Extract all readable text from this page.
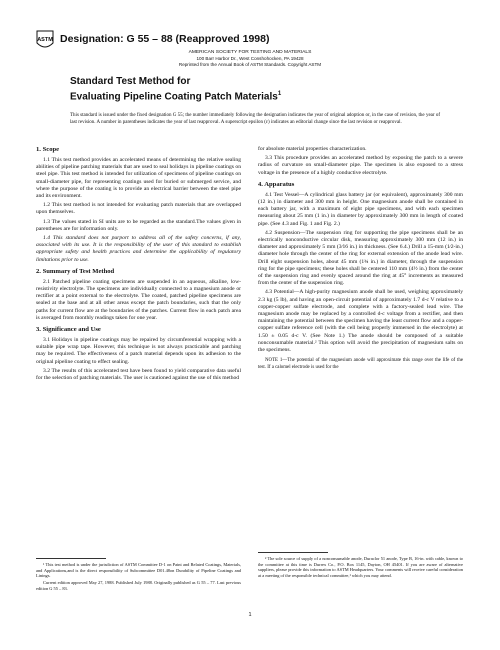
ASTM Designation: G 55 – 88 (Reapproved 1998)
AMERICAN SOCIETY FOR TESTING AND MATERIALS
100 Barr Harbor Dr., West Conshohocken, PA 19428
Reprinted from the Annual Book of ASTM Standards. Copyright ASTM
Standard Test Method for
Evaluating Pipeline Coating Patch Materials$^1$
This standard is issued under the fixed designation G 55; the number immediately following the designation indicates the year of original adoption or, in the case of revision, the year of last revision. A number in parentheses indicates the year of last reapproval. A superscript epsilon (ε) indicates an editorial change since the last revision or reapproval.
1. Scope

1.1 This test method provides an accelerated means of determining the relative sealing abilities of pipeline patching materials that are used to seal holidays in pipeline coatings on steel pipe. This test method is intended for utilization of specimens of pipeline coatings on small-diameter pipe, for representing coatings used for buried or submerged service, and where the purpose of the coating is to provide an electrical barrier between the steel pipe and its environment.

1.2 This test method is not intended for evaluating patch materials that are overlapped upon themselves.

1.3 The values stated in SI units are to be regarded as the standard.The values given in parentheses are for information only.

1.4 This standard does not purport to address all of the safety concerns, if any, associated with its use. It is the responsibility of the user of this standard to establish appropriate safety and health practices and determine the applicability of regulatory limitations prior to use.

2. Summary of Test Method

2.1 Patched pipeline coating specimens are suspended in an aqueous, alkaline, low-resistivity electrolyte. The specimens are individually connected to a magnesium anode or rectifier at a point external to the electrolyte. The coated, patched pipeline specimens are sealed at the base and at all other areas except the patch boundaries, such that the only paths for current flow are at the boundaries of the patches. Current flow in each patch area is averaged from monthly readings taken for one year.

3. Significance and Use

3.1 Holidays in pipeline coatings may be repaired by circumferential wrapping with a suitable pipe wrap tape. However, this technique is not always practicable and patching may be required. The effectiveness of a patch material depends upon its adhesion to the original pipeline coating to effect sealing.

3.2 The results of this accelerated test have been found to yield comparative data useful for the selection of patching materials. The user is cautioned against the use of this method

for absolute material properties characterization.

3.3 This procedure provides an accelerated method by exposing the patch to a severe radius of curvature on small-diameter pipe. The specimen is also exposed to a stress voltage in the presence of a highly conductive electrolyte.

4. Apparatus

4.1 Test Vessel—A cylindrical glass battery jar (or equivalent), approximately 300 mm (12 in.) in diameter and 300 mm in height. One magnesium anode shall be contained in each battery jar, with a maximum of eight pipe specimens, and with each specimen measuring about 25 mm (1 in.) in diameter by approximately 300 mm in length of coated pipe. (See 4.3 and Fig. 1 and Fig. 2.)

4.2 Suspension—The suspension ring for supporting the pipe specimens shall be an electrically nonconductive circular disk, measuring approximately 300 mm (12 in.) in diameter and approximately 5 mm (3⁄16 in.) in thickness. (See 6.4.) Drill a 15-mm (1⁄2-in.) diameter hole through the center of the ring for external extension of the anode lead wire. Drill eight suspension holes, about 45 mm (1¾ in.) in diameter, through the suspension ring for the pipe specimens; these holes shall be centered 110 mm (4½ in.) from the center of the suspension ring and evenly spaced around the ring at 45° increments as measured from the center of the suspension ring.

4.3 Potential—A high-purity magnesium anode shall be used, weighing approximately 2.3 kg (5 lb), and having an open-circuit potential of approximately 1.7 d-c V relative to a copper-copper sulfate electrode, and complete with a factory-sealed lead wire. The magnesium anode may be replaced by a controlled d-c voltage from a rectifier, and then maintaining the potential between the specimen having the least current flow and a copper-copper sulfate reference cell (with the cell being properly immersed in the electrolyte) at 1.50 ± 0.05 d-c V. (See Note 1.) The anode should be composed of a suitable nonconsumable material.² This option will avoid the precipitation of magnesium salts on the specimens.

NOTE 1—The potential of the magnesium anode will approximate this range over the life of the test. If a calomel electrode is used for the

¹ This test method is under the jurisdiction of ASTM Committee D-1 on Paint and Related Coatings, Materials, and Applications,and is the direct responsibility of Subcommittee D01.48on Durability of Pipeline Coatings and Linings.

Current edition approved May 27, 1988. Published July 1988. Originally published as G 55 – 77. Last previous edition G 55 – 83.

² The sole source of supply of a nonconsumable anode, Duraclor 51 anode, Type B, 16-in. with cable, known to the committee at this time is Durrex Co., P.O. Box 1145, Dayton, OH 45401. If you are aware of alternative suppliers, please provide this information to ASTM Headquarters. Your comments will receive careful consideration at a meeting of the responsible technical committee,¹ which you may attend.

1
